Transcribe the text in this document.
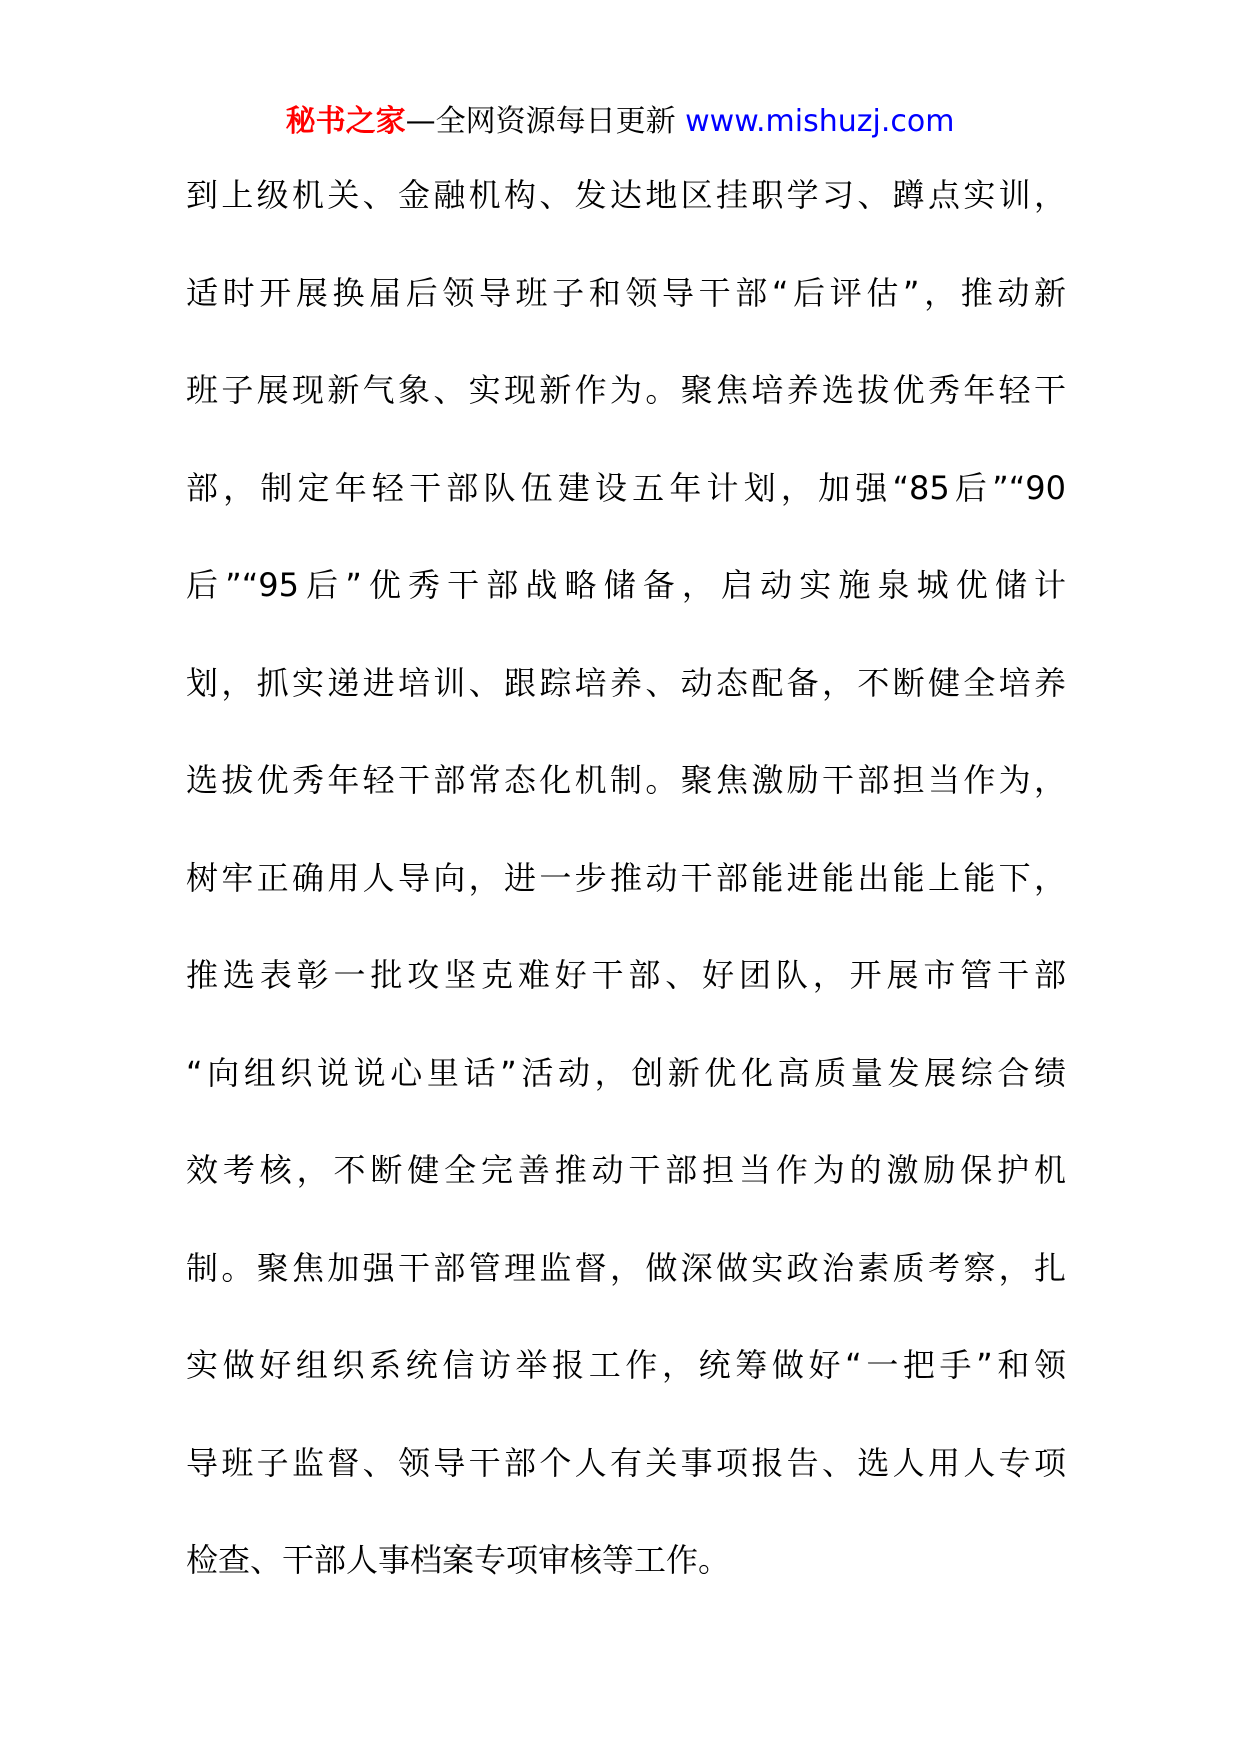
秘书之家—全网资源每日更新 www.mishuzj.com
到上级机关、金融机构、发达地区挂职学习、蹲点实训，
适时开展换届后领导班子和领导干部“后评估”，推动新
班子展现新气象、实现新作为。聚焦培养选拔优秀年轻干
部，制定年轻干部队伍建设五年计划，加强“85后”“90
后”“95后”优秀干部战略储备，启动实施泉城优储计
划，抓实递进培训、跟踪培养、动态配备，不断健全培养
选拔优秀年轻干部常态化机制。聚焦激励干部担当作为，
树牢正确用人导向，进一步推动干部能进能出能上能下，
推选表彰一批攻坚克难好干部、好团队，开展市管干部
“向组织说说心里话”活动，创新优化高质量发展综合绩
效考核，不断健全完善推动干部担当作为的激励保护机
制。聚焦加强干部管理监督，做深做实政治素质考察，扎
实做好组织系统信访举报工作，统筹做好“一把手”和领
导班子监督、领导干部个人有关事项报告、选人用人专项
检查、干部人事档案专项审核等工作。
